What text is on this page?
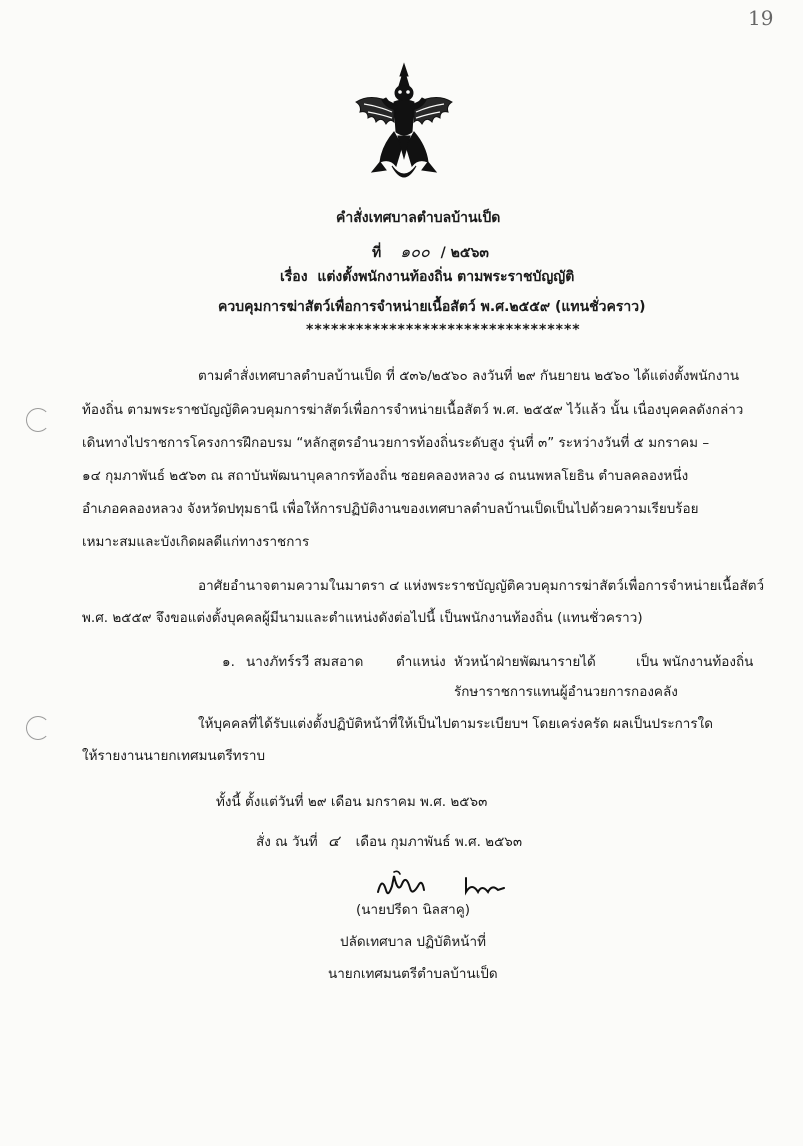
19
คำสั่งเทศบาลตำบลบ้านเป็ด
ที่ ๑๐๐ / ๒๕๖๓
เรื่อง แต่งตั้งพนักงานท้องถิ่น ตามพระราชบัญญัติ
ควบคุมการฆ่าสัตว์เพื่อการจำหน่ายเนื้อสัตว์ พ.ศ.๒๕๕๙ (แทนชั่วคราว)
*********************************
ตามคำสั่งเทศบาลตำบลบ้านเป็ด ที่ ๕๓๖/๒๕๖๐ ลงวันที่ ๒๙ กันยายน ๒๕๖๐ ได้แต่งตั้งพนักงาน
ท้องถิ่น ตามพระราชบัญญัติควบคุมการฆ่าสัตว์เพื่อการจำหน่ายเนื้อสัตว์ พ.ศ. ๒๕๕๙ ไว้แล้ว นั้น เนื่องบุคคลดังกล่าว
เดินทางไปราชการโครงการฝึกอบรม “หลักสูตรอำนวยการท้องถิ่นระดับสูง รุ่นที่ ๓” ระหว่างวันที่ ๕ มกราคม –
๑๔ กุมภาพันธ์ ๒๕๖๓ ณ สถาบันพัฒนาบุคลากรท้องถิ่น ซอยคลองหลวง ๘ ถนนพหลโยธิน ตำบลคลองหนึ่ง
อำเภอคลองหลวง จังหวัดปทุมธานี เพื่อให้การปฏิบัติงานของเทศบาลตำบลบ้านเป็ดเป็นไปด้วยความเรียบร้อย
เหมาะสมและบังเกิดผลดีแก่ทางราชการ
อาศัยอำนาจตามความในมาตรา ๔ แห่งพระราชบัญญัติควบคุมการฆ่าสัตว์เพื่อการจำหน่ายเนื้อสัตว์
พ.ศ. ๒๕๕๙ จึงขอแต่งตั้งบุคคลผู้มีนามและตำแหน่งดังต่อไปนี้ เป็นพนักงานท้องถิ่น (แทนชั่วคราว)
๑. นางภัทร์รวี สมสอาด ตำแหน่ง หัวหน้าฝ่ายพัฒนารายได้	เป็น พนักงานท้องถิ่น
รักษาราชการแทนผู้อำนวยการกองคลัง
ให้บุคคลที่ได้รับแต่งตั้งปฏิบัติหน้าที่ให้เป็นไปตามระเบียบฯ โดยเคร่งครัด ผลเป็นประการใด
ให้รายงานนายกเทศมนตรีทราบ
ทั้งนี้ ตั้งแต่วันที่ ๒๙ เดือน มกราคม พ.ศ. ๒๕๖๓
สั่ง ณ วันที่ ๔ เดือน กุมภาพันธ์ พ.ศ. ๒๕๖๓
(นายปรีดา นิลสาคู)
ปลัดเทศบาล ปฏิบัติหน้าที่
นายกเทศมนตรีตำบลบ้านเป็ด
